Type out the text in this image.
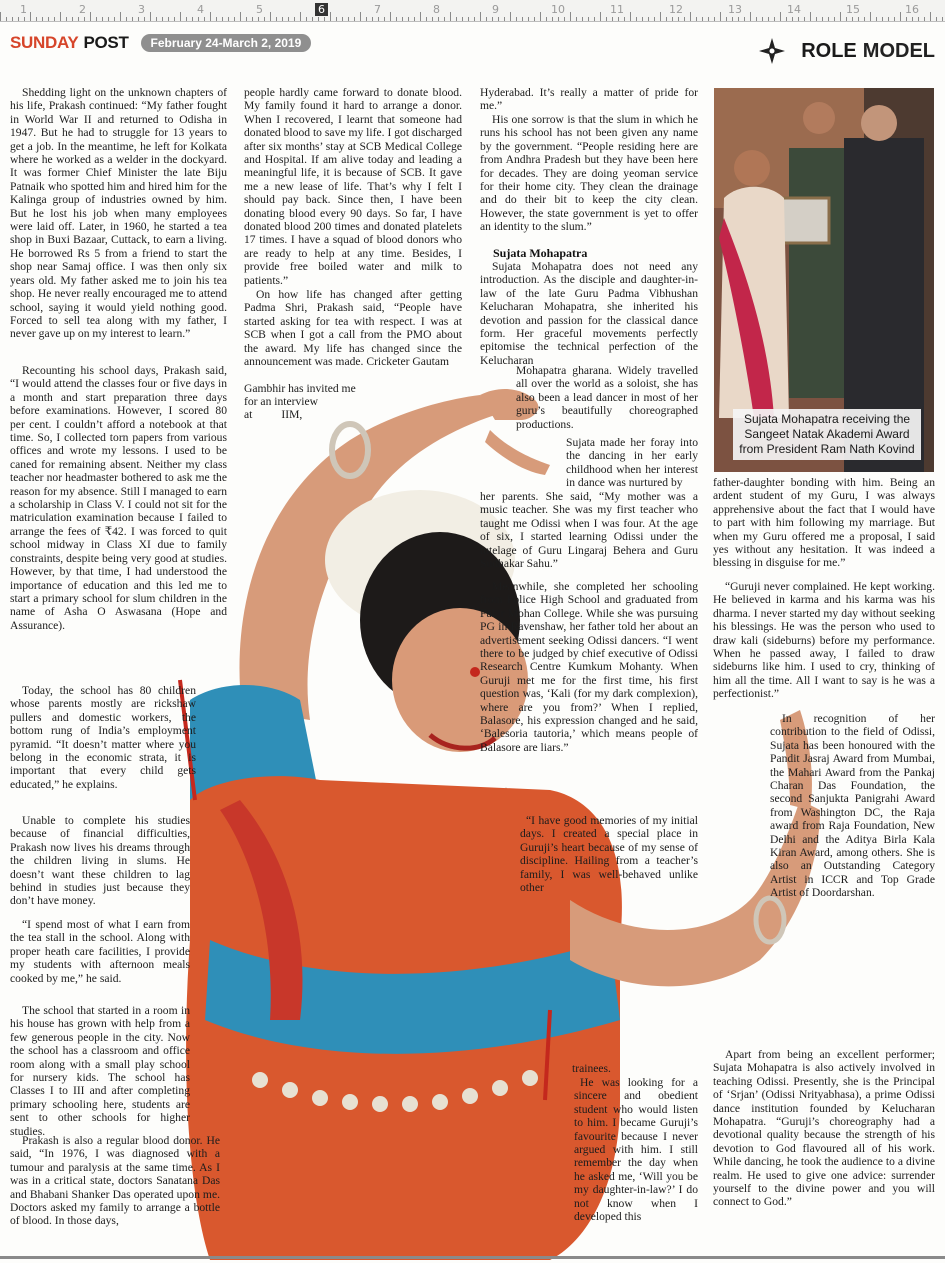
1	2	3	4	5	6	7	8	9	10	11	12	13	14	15	16
SUNDAY POST	February 24-March 2, 2019	ROLE MODEL
Sujata Mohapatra receiving the Sangeet Natak Akademi Award from President Ram Nath Kovind
Shedding light on the unknown chapters of his life, Prakash continued: “My father fought in World War II and returned to Odisha in 1947. But he had to struggle for 13 years to get a job. In the meantime, he left for Kolkata where he worked as a welder in the dockyard. It was former Chief Minister the late Biju Patnaik who spotted him and hired him for the Kalinga group of industries owned by him. But he lost his job when many employees were laid off. Later, in 1960, he started a tea shop in Buxi Bazaar, Cuttack, to earn a living. He borrowed Rs 5 from a friend to start the shop near Samaj office. I was then only six years old. My father asked me to join his tea shop. He never really encouraged me to attend school, saying it would yield nothing good. Forced to sell tea along with my father, I never gave up on my interest to learn.”
Recounting his school days, Prakash said, “I would attend the classes four or five days in a month and start preparation three days before examinations. However, I scored 80 per cent. I couldn’t afford a notebook at that time. So, I collected torn papers from various offices and wrote my lessons. I used to be caned for remaining absent. Neither my class teacher nor headmaster bothered to ask me the reason for my absence. Still I managed to earn a scholarship in Class V. I could not sit for the matriculation examination because I failed to arrange the fees of ₹42. I was forced to quit school midway in Class XI due to family constraints, despite being very good at studies. However, by that time, I had understood the importance of education and this led me to start a primary school for slum children in the name of Asha O Aswasana (Hope and Assurance).
Today, the school has 80 children whose parents mostly are rickshaw pullers and domestic workers, the bottom rung of India’s employment pyramid. “It doesn’t matter where you belong in the economic strata, it is important that every child gets educated,” he explains.
Unable to complete his studies because of financial difficulties, Prakash now lives his dreams through the children living in slums. He doesn’t want these children to lag behind in studies just because they don’t have money.
“I spend most of what I earn from the tea stall in the school. Along with proper heath care facilities, I provide my students with afternoon meals cooked by me,” he said.
The school that started in a room in his house has grown with help from a few generous people in the city. Now the school has a classroom and office room along with a small play school for nursery kids. The school has Classes I to III and after completing primary schooling here, students are sent to other schools for higher studies.
Prakash is also a regular blood donor. He said, “In 1976, I was diagnosed with a tumour and paralysis at the same time. As I was in a critical state, doctors Sanatana Das and Bhabani Shanker Das operated upon me. Doctors asked my family to arrange a bottle of blood. In those days,
people hardly came forward to donate blood. My family found it hard to arrange a donor. When I recovered, I learnt that someone had donated blood to save my life. I got discharged after six months’ stay at SCB Medical College and Hospital. If am alive today and leading a meaningful life, it is because of SCB. It gave me a new lease of life. That’s why I felt I should pay back. Since then, I have been donating blood every 90 days. So far, I have donated blood 200 times and donated platelets 17 times. I have a squad of blood donors who are ready to help at any time. Besides, I provide free boiled water and milk to patients.”
On how life has changed after getting Padma Shri, Prakash said, “People have started asking for tea with respect. I was at SCB when I got a call from the PMO about the award. My life has changed since the announcement was made. Cricketer Gautam
Gambhir has invited me
for an interview
at          IIM,
Hyderabad. It’s really a matter of pride for me.”
His one sorrow is that the slum in which he runs his school has not been given any name by the government. “People residing here are from Andhra Pradesh but they have been here for decades. They are doing yeoman service for their home city. They clean the drainage and do their bit to keep the city clean. However, the state government is yet to offer an identity to the slum.”
Sujata Mohapatra
Sujata Mohapatra does not need any introduction. As the disciple and daughter-in-law of the late Guru Padma Vibhushan Kelucharan Mohapatra, she inherited his devotion and passion for the classical dance form. Her graceful movements perfectly epitomise the technical perfection of the Kelucharan
Mohapatra gharana. Widely travelled all over the world as a soloist, she has also been a lead dancer in most of her guru’s beautifully choreographed productions.
Sujata made her foray into the dancing in her early childhood when her interest in dance was nurtured by
her parents. She said, “My mother was a music teacher. She was my first teacher who taught me Odissi when I was four. At the age of six, I started learning Odissi under the tutelage of Guru Lingaraj Behera and Guru Sudhakar Sahu.”
Meanwhile, she completed her schooling from Police High School and graduated from Fakir Mohan College. While she was pursuing PG in Ravenshaw, her father told her about an advertisement seeking Odissi dancers. “I went there to be judged by chief executive of Odissi Research Centre Kumkum Mohanty. When Guruji met me for the first time, his first question was, ‘Kali (for my dark complexion), where are you from?’ When I replied, Balasore, his expression changed and he said, ‘Balesoria tautoria,’ which means people of Balasore are liars.”
“I have good memories of my initial days. I created a special place in Guruji’s heart because of my sense of discipline. Hailing from a teacher’s family, I was well-behaved unlike other
trainees.
He was looking for a sincere and obedient student who would listen to him. I became Guruji’s favourite because I never argued with him. I still remember the day when he asked me, ‘Will you be my daughter-in-law?’ I do not know when I developed this
father-daughter bonding with him. Being an ardent student of my Guru, I was always apprehensive about the fact that I would have to part with him following my marriage. But when my Guru offered me a proposal, I said yes without any hesitation. It was indeed a blessing in disguise for me.”
“Guruji never complained. He kept working. He believed in karma and his karma was his dharma. I never started my day without seeking his blessings. He was the person who used to draw kali (sideburns) before my performance. When he passed away, I failed to draw sideburns like him. I used to cry, thinking of him all the time. All I want to say is he was a perfectionist.”
In recognition of her contribution to the field of Odissi, Sujata has been honoured with the Pandit Jasraj Award from Mumbai, the Mahari Award from the Pankaj Charan Das Foundation, the second Sanjukta Panigrahi Award from Washington DC, the Raja award from Raja Foundation, New Delhi and the Aditya Birla Kala Kiran Award, among others. She is also an Outstanding Category Artist in ICCR and Top Grade Artist of Doordarshan.
Apart from being an excellent performer; Sujata Mohapatra is also actively involved in teaching Odissi. Presently, she is the Principal of ‘Srjan’ (Odissi Nrityabhasa), a prime Odissi dance institution founded by Kelucharan Mohapatra. “Guruji’s choreography had a devotional quality because the strength of his devotion to God flavoured all of his work. While dancing, he took the audience to a divine realm. He used to give one advice: surrender yourself to the divine power and you will connect to God.”
